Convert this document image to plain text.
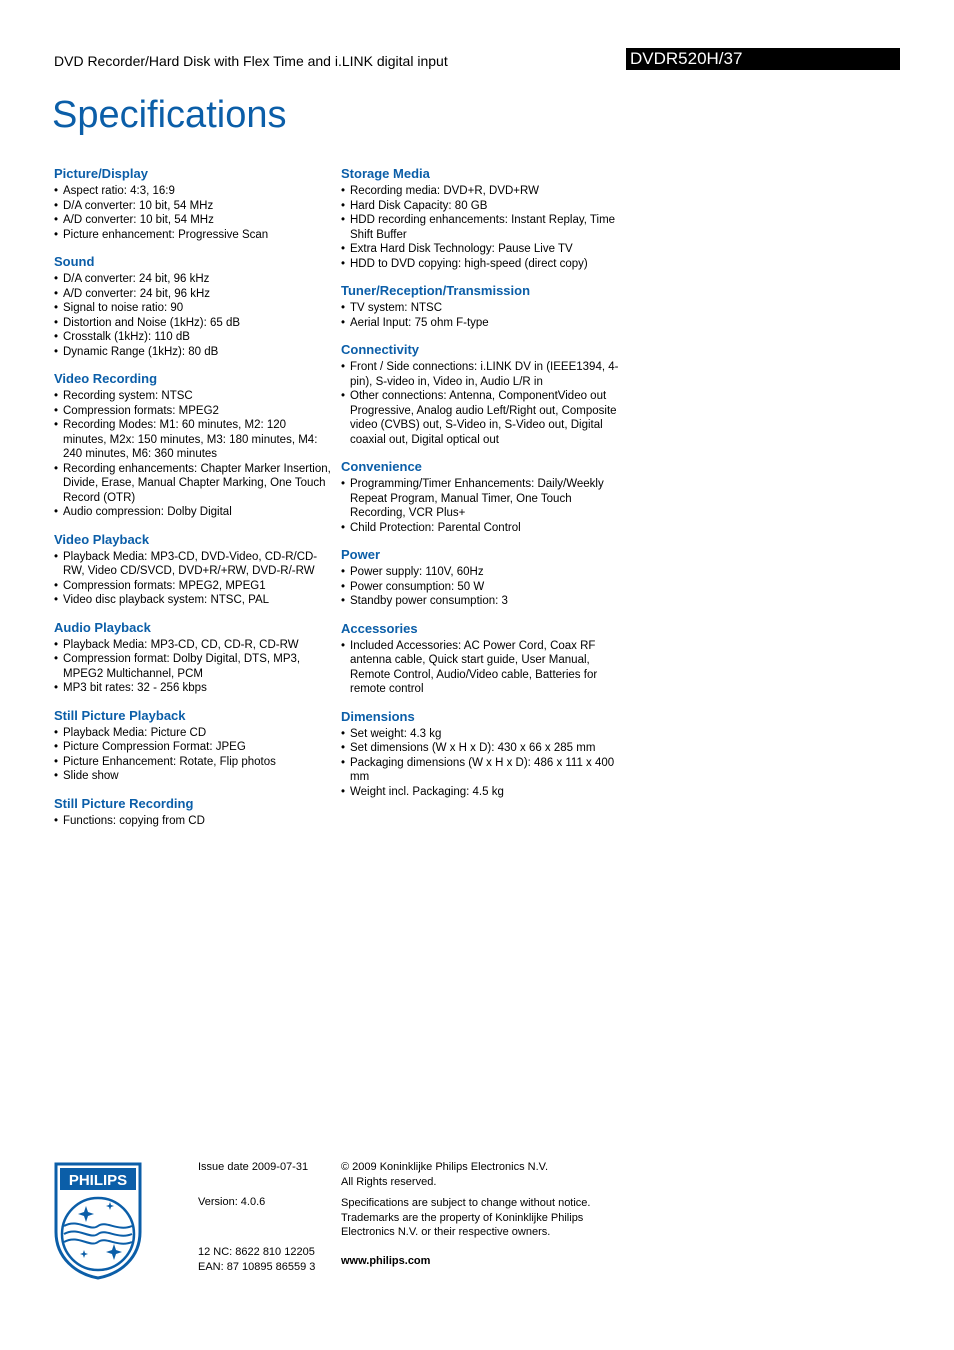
DVD Recorder/Hard Disk with Flex Time and i.LINK digital input	DVDR520H/37
Specifications
Picture/Display
• Aspect ratio: 4:3, 16:9
• D/A converter: 10 bit, 54 MHz
• A/D converter: 10 bit, 54 MHz
• Picture enhancement: Progressive Scan
Sound
• D/A converter: 24 bit, 96 kHz
• A/D converter: 24 bit, 96 kHz
• Signal to noise ratio: 90
• Distortion and Noise (1kHz): 65 dB
• Crosstalk (1kHz): 110 dB
• Dynamic Range (1kHz): 80 dB
Video Recording
• Recording system: NTSC
• Compression formats: MPEG2
• Recording Modes: M1: 60 minutes, M2: 120 minutes, M2x: 150 minutes, M3: 180 minutes, M4: 240 minutes, M6: 360 minutes
• Recording enhancements: Chapter Marker Insertion, Divide, Erase, Manual Chapter Marking, One Touch Record (OTR)
• Audio compression: Dolby Digital
Video Playback
• Playback Media: MP3-CD, DVD-Video, CD-R/CD-RW, Video CD/SVCD, DVD+R/+RW, DVD-R/-RW
• Compression formats: MPEG2, MPEG1
• Video disc playback system: NTSC, PAL
Audio Playback
• Playback Media: MP3-CD, CD, CD-R, CD-RW
• Compression format: Dolby Digital, DTS, MP3, MPEG2 Multichannel, PCM
• MP3 bit rates: 32 - 256 kbps
Still Picture Playback
• Playback Media: Picture CD
• Picture Compression Format: JPEG
• Picture Enhancement: Rotate, Flip photos
• Slide show
Still Picture Recording
• Functions: copying from CD
Storage Media
• Recording media: DVD+R, DVD+RW
• Hard Disk Capacity: 80 GB
• HDD recording enhancements: Instant Replay, Time Shift Buffer
• Extra Hard Disk Technology: Pause Live TV
• HDD to DVD copying: high-speed (direct copy)
Tuner/Reception/Transmission
• TV system: NTSC
• Aerial Input: 75 ohm F-type
Connectivity
• Front / Side connections: i.LINK DV in (IEEE1394, 4-pin), S-video in, Video in, Audio L/R in
• Other connections: Antenna, ComponentVideo out Progressive, Analog audio Left/Right out, Composite video (CVBS) out, S-Video in, S-Video out, Digital coaxial out, Digital optical out
Convenience
• Programming/Timer Enhancements: Daily/Weekly Repeat Program, Manual Timer, One Touch Recording, VCR Plus+
• Child Protection: Parental Control
Power
• Power supply: 110V, 60Hz
• Power consumption: 50 W
• Standby power consumption: 3
Accessories
• Included Accessories: AC Power Cord, Coax RF antenna cable, Quick start guide, User Manual, Remote Control, Audio/Video cable, Batteries for remote control
Dimensions
• Set weight: 4.3 kg
• Set dimensions (W x H x D): 430 x 66 x 285 mm
• Packaging dimensions (W x H x D): 486 x 111 x 400 mm
• Weight incl. Packaging: 4.5 kg
PHILIPS
Issue date 2009-07-31
Version: 4.0.6
12 NC: 8622 810 12205
EAN: 87 10895 86559 3
© 2009 Koninklijke Philips Electronics N.V.
All Rights reserved.
Specifications are subject to change without notice. Trademarks are the property of Koninklijke Philips Electronics N.V. or their respective owners.
www.philips.com
